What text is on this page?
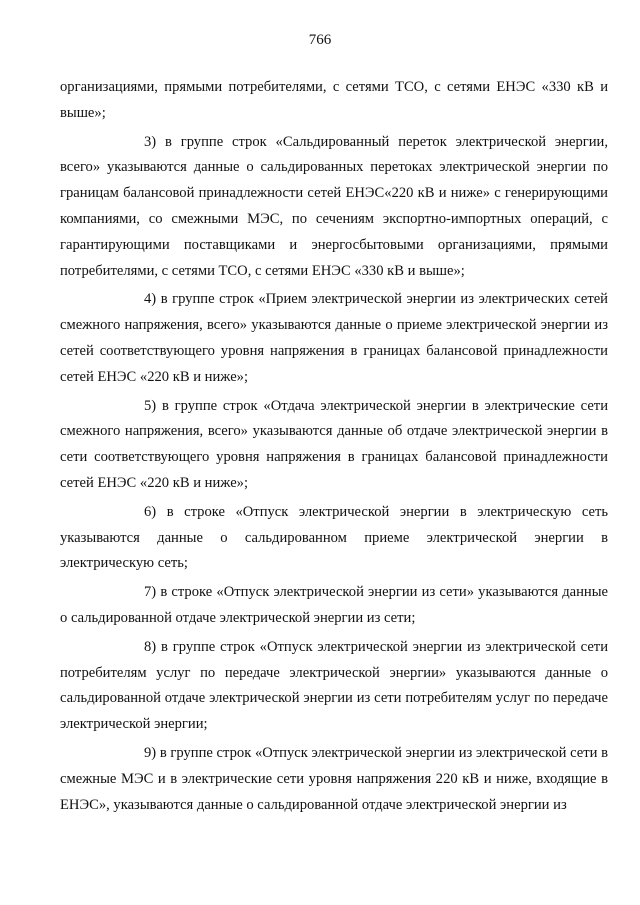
766

организациями, прямыми потребителями, с сетями ТСО, с сетями ЕНЭС «330 кВ и выше»;

3) в группе строк «Сальдированный переток электрической энергии, всего» указываются данные о сальдированных перетоках электрической энергии по границам балансовой принадлежности сетей ЕНЭС«220 кВ и ниже» с генерирующими компаниями, со смежными МЭС, по сечениям экспортно-импортных операций, с гарантирующими поставщиками и энергосбытовыми организациями, прямыми потребителями, с сетями ТСО, с сетями ЕНЭС «330 кВ и выше»;

4) в группе строк «Прием электрической энергии из электрических сетей смежного напряжения, всего» указываются данные о приеме электрической энергии из сетей соответствующего уровня напряжения в границах балансовой принадлежности сетей ЕНЭС «220 кВ и ниже»;

5) в группе строк «Отдача электрической энергии в электрические сети смежного напряжения, всего» указываются данные об отдаче электрической энергии в сети соответствующего уровня напряжения в границах балансовой принадлежности сетей ЕНЭС «220 кВ и ниже»;

6) в строке «Отпуск электрической энергии в электрическую сеть указываются данные о сальдированном приеме электрической энергии в электрическую сеть;

7) в строке «Отпуск электрической энергии из сети» указываются данные о сальдированной отдаче электрической энергии из сети;

8) в группе строк «Отпуск электрической энергии из электрической сети потребителям услуг по передаче электрической энергии» указываются данные о сальдированной отдаче электрической энергии из сети потребителям услуг по передаче электрической энергии;

9) в группе строк «Отпуск электрической энергии из электрической сети в смежные МЭС и в электрические сети уровня напряжения 220 кВ и ниже, входящие в ЕНЭС», указываются данные о сальдированной отдаче электрической энергии из
